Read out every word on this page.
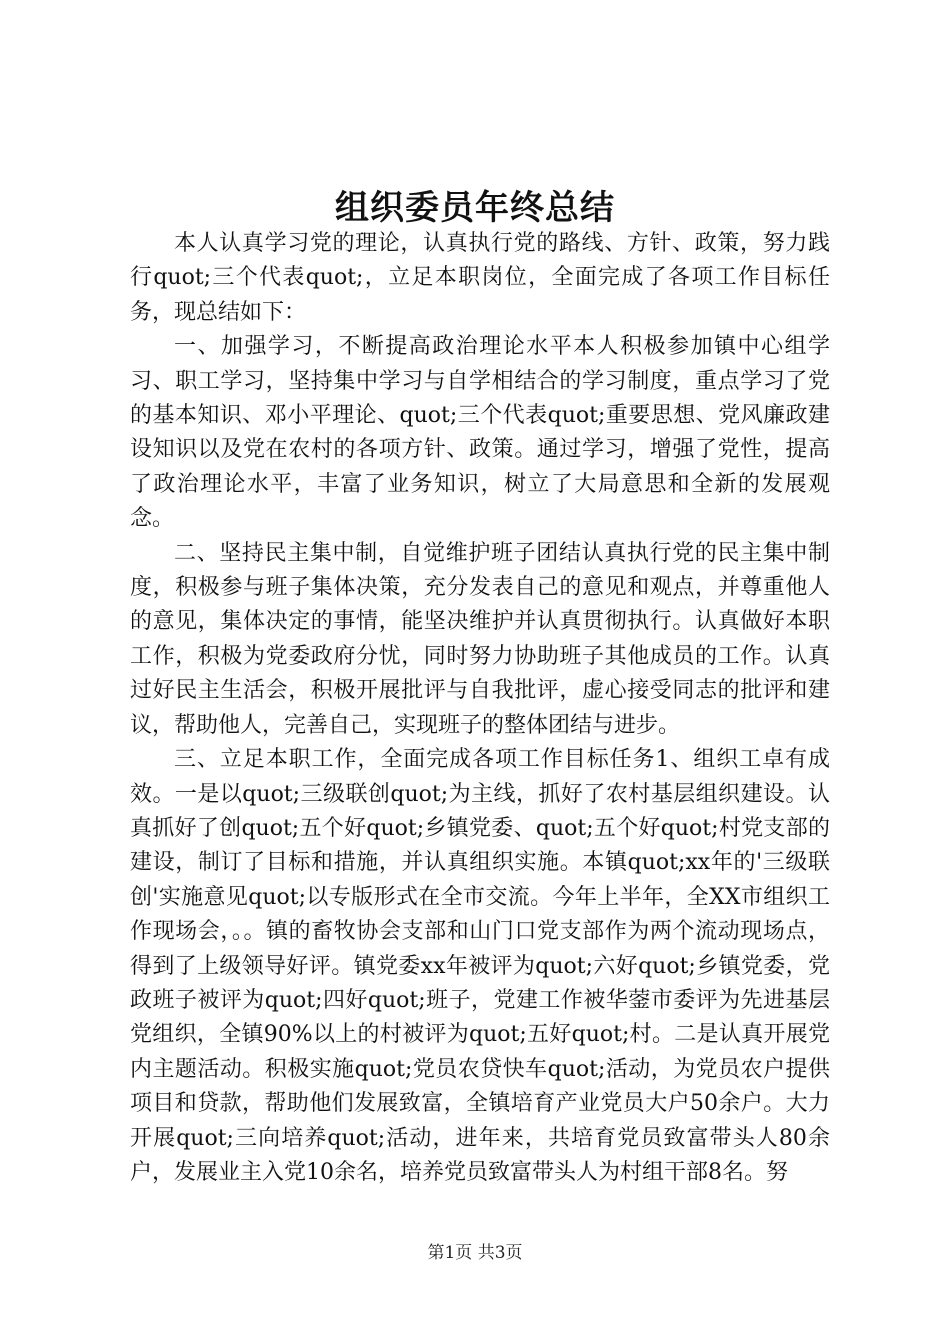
组织委员年终总结

本人认真学习党的理论，认真执行党的路线、方针、政策，努力践行quot;三个代表quot;，立足本职岗位，全面完成了各项工作目标任务，现总结如下：

一、加强学习，不断提高政治理论水平本人积极参加镇中心组学习、职工学习，坚持集中学习与自学相结合的学习制度，重点学习了党的基本知识、邓小平理论、quot;三个代表quot;重要思想、党风廉政建设知识以及党在农村的各项方针、政策。通过学习，增强了党性，提高了政治理论水平，丰富了业务知识，树立了大局意思和全新的发展观念。

二、坚持民主集中制，自觉维护班子团结认真执行党的民主集中制度，积极参与班子集体决策，充分发表自己的意见和观点，并尊重他人的意见，集体决定的事情，能坚决维护并认真贯彻执行。认真做好本职工作，积极为党委政府分忧，同时努力协助班子其他成员的工作。认真过好民主生活会，积极开展批评与自我批评，虚心接受同志的批评和建议，帮助他人，完善自己，实现班子的整体团结与进步。

三、立足本职工作，全面完成各项工作目标任务1、组织工卓有成效。一是以quot;三级联创quot;为主线，抓好了农村基层组织建设。认真抓好了创quot;五个好quot;乡镇党委、quot;五个好quot;村党支部的建设，制订了目标和措施，并认真组织实施。本镇quot;xx年的'三级联创'实施意见quot;以专版形式在全市交流。今年上半年，全XX市组织工作现场会，。。镇的畜牧协会支部和山门口党支部作为两个流动现场点，得到了上级领导好评。镇党委xx年被评为quot;六好quot;乡镇党委，党政班子被评为quot;四好quot;班子，党建工作被华蓥市委评为先进基层党组织，全镇90%以上的村被评为quot;五好quot;村。二是认真开展党内主题活动。积极实施quot;党员农贷快车quot;活动，为党员农户提供项目和贷款，帮助他们发展致富，全镇培育产业党员大户50余户。大力开展quot;三向培养quot;活动，进年来，共培育党员致富带头人80余户，发展业主入党10余名，培养党员致富带头人为村组干部8名。努

第1页 共3页
